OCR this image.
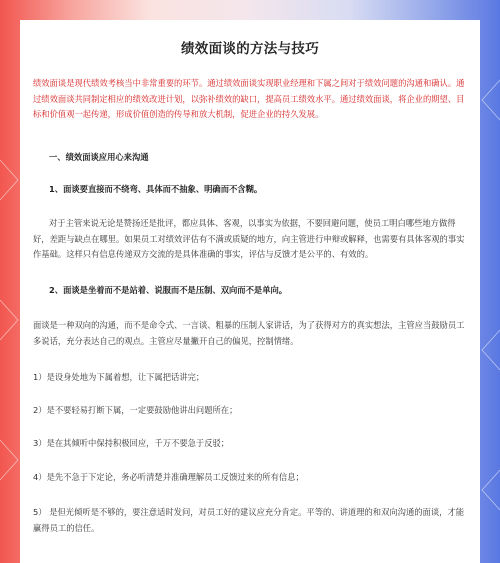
绩效面谈的方法与技巧

绩效面谈是现代绩效考核当中非常重要的环节。通过绩效面谈实现职业经理和下属之间对于绩效问题的沟通和确认。通过绩效面谈共同制定相应的绩效改进计划，以弥补绩效的缺口，提高员工绩效水平。通过绩效面谈，将企业的期望、目标和价值观一起传递，形成价值创造的传导和放大机制，促进企业的持久发展。

一、绩效面谈应用心来沟通

1、面谈要直接而不绕弯、具体而不抽象、明确而不含糊。

对于主管来说无论是赞扬还是批评，都应具体、客观，以事实为依据，不要回避问题，使员工明白哪些地方做得好，差距与缺点在哪里。如果员工对绩效评估有不满或质疑的地方，向主管进行申辩或解释，也需要有具体客观的事实作基础。这样只有信息传递双方交流的是具体准确的事实，评估与反馈才是公平的、有效的。

2、面谈是坐着而不是站着、说服而不是压制、双向而不是单向。

面谈是一种双向的沟通，而不是命令式、一言谈、粗暴的压制人家讲话，为了获得对方的真实想法，主管应当鼓励员工多说话，充分表达自己的观点。主管应尽量撇开自己的偏见，控制情绪。

1）是设身处地为下属着想，让下属把话讲完；

2）是不要轻易打断下属，一定要鼓励他讲出问题所在；

3）是在其倾听中保持积极回应，千万不要急于反驳；

4）是先不急于下定论，务必听清楚并准确理解员工反馈过来的所有信息；

5） 是但光倾听是不够的，要注意适时发问，对员工好的建议应充分肯定。平等的、讲道理的和双向沟通的面谈，才能赢得员工的信任。
